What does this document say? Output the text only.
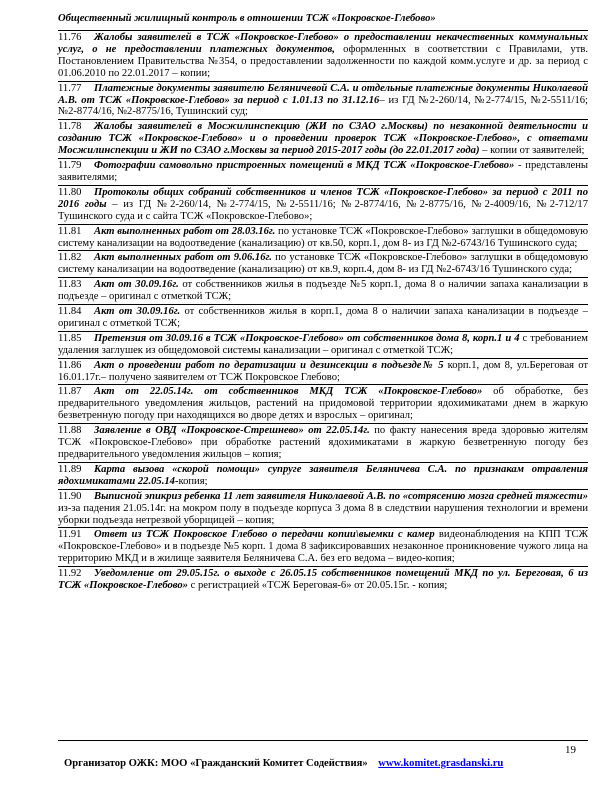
Общественный жилищный контроль в отношении ТСЖ «Покровское-Глебово»
11.76 Жалобы заявителей в ТСЖ «Покровское-Глебово» о предоставлении некачественных коммунальных услуг, о не предоставлении платежных документов, оформленных в соответствии с Правилами, утв. Постановлением Правительства №354, о предоставлении задолженности по каждой комм.услуге и др. за период с 01.06.2010 по 22.01.2017 – копии;
11.77 Платежные документы заявителю Беляничевой С.А. и отдельные платежные документы Николаевой А.В. от ТСЖ «Покровское-Глебово» за период с 1.01.13 по 31.12.16– из ГД №2-260/14, №2-774/15, №2-5511/16; №2-8774/16, №2-8775/16, Тушинский суд;
11.78 Жалобы заявителей в Мосжилинспекцию (ЖИ по СЗАО г.Москвы) по незаконной деятельности и созданию ТСЖ «Покровское-Глебово» и о проведении проверок ТСЖ «Покровское-Глебово», с ответами Мосжилинспекции и ЖИ по СЗАО г.Москвы за период 2015-2017 годы (до 22.01.2017 года) – копии от заявителей;
11.79 Фотографии самовольно пристроенных помещений в МКД ТСЖ «Покровское-Глебово» - представлены заявителями;
11.80 Протоколы общих собраний собственников и членов ТСЖ «Покровское-Глебово» за период с 2011 по 2016 годы – из ГД №2-260/14, №2-774/15, №2-5511/16; №2-8774/16, №2-8775/16, №2-4009/16, №2-712/17 Тушинского суда и с сайта ТСЖ «Покровское-Глебово»;
11.81 Акт выполненных работ от 28.03.16г. по установке ТСЖ «Покровское-Глебово» заглушки в общедомовую систему канализации на водоотведение (канализацию) от кв.50, корп.1, дом 8- из ГД №2-6743/16 Тушинского суда;
11.82 Акт выполненных работ от 9.06.16г. по установке ТСЖ «Покровское-Глебово» заглушки в общедомовую систему канализации на водоотведение (канализацию) от кв.9, корп.4, дом 8- из ГД №2-6743/16 Тушинского суда;
11.83 Акт от 30.09.16г. от собственников жилья в подъезде №5 корп.1, дома 8 о наличии запаха канализации в подъезде – оригинал с отметкой ТСЖ;
11.84 Акт от 30.09.16г. от собственников жилья в корп.1, дома 8 о наличии запаха канализации в подъезде – оригинал с отметкой ТСЖ;
11.85 Претензия от 30.09.16 в ТСЖ «Покровское-Глебово» от собственников дома 8, корп.1 и 4 с требованием удаления заглушек из общедомовой системы канализации – оригинал с отметкой ТСЖ;
11.86 Акт о проведении работ по дератизации и дезинсекции в подъезде№ 5 корп.1, дом 8, ул.Береговая от 16.01.17г.– получено заявителем от ТСЖ Покровское Глебово;
11.87 Акт от 22.05.14г. от собственников МКД ТСЖ «Покровское-Глебово» об обработке, без предварительного уведомления жильцов, растений на придомовой территории ядохимикатами днем в жаркую безветренную погоду при находящихся во дворе детях и взрослых – оригинал;
11.88 Заявление в ОВД «Покровское-Стрешнево» от 22.05.14г. по факту нанесения вреда здоровью жителям ТСЖ «Покровское-Глебово» при обработке растений ядохимикатами в жаркую безветренную погоду без предварительного уведомления жильцов – копия;
11.89 Карта вызова «скорой помощи» супруге заявителя Беляничева С.А. по признакам отравления ядохимикатами 22.05.14-копия;
11.90 Выписной эпикриз ребенка 11 лет заявителя Николаевой А.В. по «сотрясению мозга средней тяжести» из-за падения 21.05.14г. на мокром полу в подъезде корпуса 3 дома 8 в следствии нарушения технологии и времени уборки подъезда нетрезвой уборщицей – копия;
11.91 Ответ из ТСЖ Покровское Глебово о передачи копии\выемки с камер видеонаблюдения на КПП ТСЖ «Покровское-Глебово» и в подъезде №5 корп. 1 дома 8 зафиксировавших незаконное проникновение чужого лица на территорию МКД и в жилище заявителя Беляничева С.А. без его ведома – видео-копия;
11.92 Уведомление от 29.05.15г. о выходе с 26.05.15 собственников помещений МКД по ул. Береговая, 6 из ТСЖ «Покровское-Глебово» с регистрацией «ТСЖ Береговая-6» от 20.05.15г. - копия;
19
Организатор ОЖК: МОО «Гражданский Комитет Содействия» www.komitet.grasdanski.ru
